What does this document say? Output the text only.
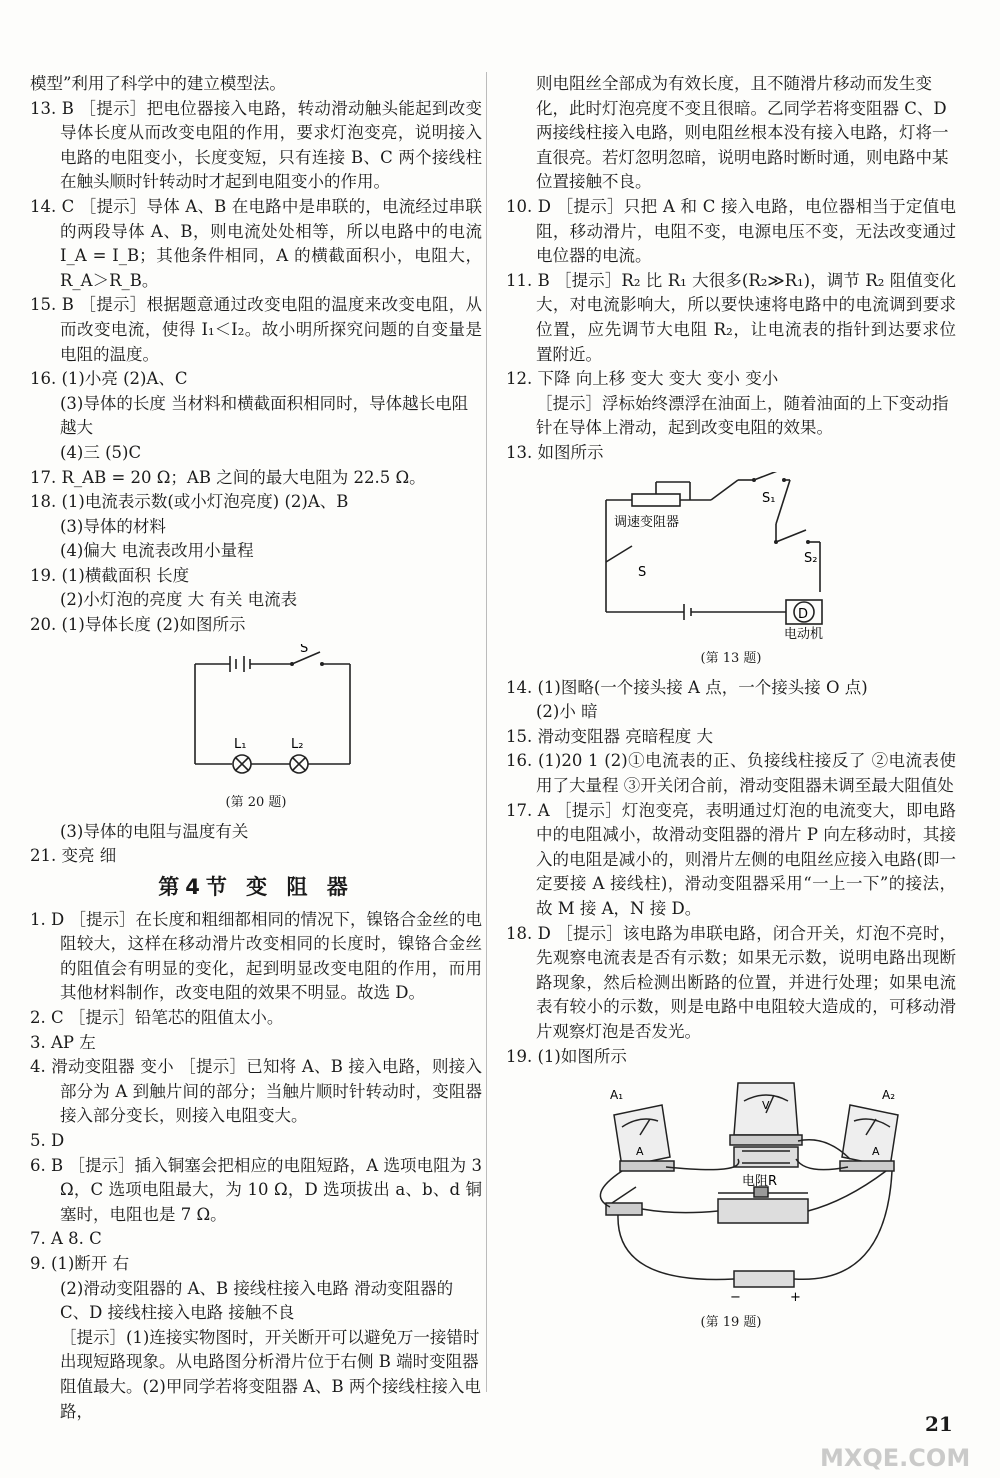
模型”利用了科学中的建立模型法。

13. B ［提示］把电位器接入电路，转动滑动触头能起到改变导体长度从而改变电阻的作用，要求灯泡变亮，说明接入电路的电阻变小，长度变短，只有连接 B、C 两个接线柱在触头顺时针转动时才起到电阻变小的作用。

14. C ［提示］导体 A、B 在电路中是串联的，电流经过串联的两段导体 A、B，则电流处处相等，所以电路中的电流 I_A = I_B；其他条件相同，A 的横截面积小，电阻大，R_A＞R_B。

15. B ［提示］根据题意通过改变电阻的温度来改变电阻，从而改变电流，使得 I₁＜I₂。故小明所探究问题的自变量是电阻的温度。

16. (1)小亮 (2)A、C

(3)导体的长度 当材料和横截面积相同时，导体越长电阻越大

(4)三 (5)C

17. R_AB = 20 Ω；AB 之间的最大电阻为 22.5 Ω。

18. (1)电流表示数(或小灯泡亮度) (2)A、B

(3)导体的材料

(4)偏大 电流表改用小量程

19. (1)横截面积 长度

(2)小灯泡的亮度 大 有关 电流表

20. (1)导体长度 (2)如图所示

S
L₁	L₂

(第 20 题)

(3)导体的电阻与温度有关

21. 变亮 细

第4节 变 阻 器

1. D ［提示］在长度和粗细都相同的情况下，镍铬合金丝的电阻较大，这样在移动滑片改变相同的长度时，镍铬合金丝的阻值会有明显的变化，起到明显改变电阻的作用，而用其他材料制作，改变电阻的效果不明显。故选 D。

2. C ［提示］铅笔芯的阻值太小。

3. AP 左

4. 滑动变阻器 变小 ［提示］已知将 A、B 接入电路，则接入部分为 A 到触片间的部分；当触片顺时针转动时，变阻器接入部分变长，则接入电阻变大。

5. D

6. B ［提示］插入铜塞会把相应的电阻短路，A 选项电阻为 3 Ω，C 选项电阻最大，为 10 Ω，D 选项拔出 a、b、d 铜塞时，电阻也是 7 Ω。

7. A 8. C

9. (1)断开 右

(2)滑动变阻器的 A、B 接线柱接入电路 滑动变阻器的 C、D 接线柱接入电路 接触不良

［提示］(1)连接实物图时，开关断开可以避免万一接错时出现短路现象。从电路图分析滑片位于右侧 B 端时变阻器阻值最大。(2)甲同学若将变阻器 A、B 两个接线柱接入电路，

则电阻丝全部成为有效长度，且不随滑片移动而发生变化，此时灯泡亮度不变且很暗。乙同学若将变阻器 C、D 两接线柱接入电路，则电阻丝根本没有接入电路，灯将一直很亮。若灯忽明忽暗，说明电路时断时通，则电路中某位置接触不良。

10. D ［提示］只把 A 和 C 接入电路，电位器相当于定值电阻，移动滑片，电阻不变，电源电压不变，无法改变通过电位器的电流。

11. B ［提示］R₂ 比 R₁ 大很多(R₂≫R₁)，调节 R₂ 阻值变化大，对电流影响大，所以要快速将电路中的电流调到要求位置，应先调节大电阻 R₂，让电流表的指针到达要求位置附近。

12. 下降 向上移 变大 变大 变小 变小

［提示］浮标始终漂浮在油面上，随着油面的上下变动指针在导体上滑动，起到改变电阻的效果。

13. 如图所示

D
调速变阻器
S₁
S₂
S
电动机

(第 13 题)

14. (1)图略(一个接头接 A 点，一个接头接 O 点)

(2)小 暗

15. 滑动变阻器 亮暗程度 大

16. (1)20 1 (2)①电流表的正、负接线柱接反了 ②电流表使用了大量程 ③开关闭合前，滑动变阻器未调至最大阻值处

17. A ［提示］灯泡变亮，表明通过灯泡的电流变大，即电路中的电阻减小，故滑动变阻器的滑片 P 向左移动时，其接入的电阻是减小的，则滑片左侧的电阻丝应接入电路(即一定要接 A 接线柱)，滑动变阻器采用“一上一下”的接法，故 M 接 A，N 接 D。

18. D ［提示］该电路为串联电路，闭合开关，灯泡不亮时，先观察电流表是否有示数；如果无示数，说明电路出现断路现象，然后检测出断路的位置，并进行处理；如果电流表有较小的示数，则是电路中电阻较大造成的，可移动滑片观察灯泡是否发光。

19. (1)如图所示

A₁
A
V
A₂
A
电阻R
−	+

(第 19 题)

21
MXQE.COM
